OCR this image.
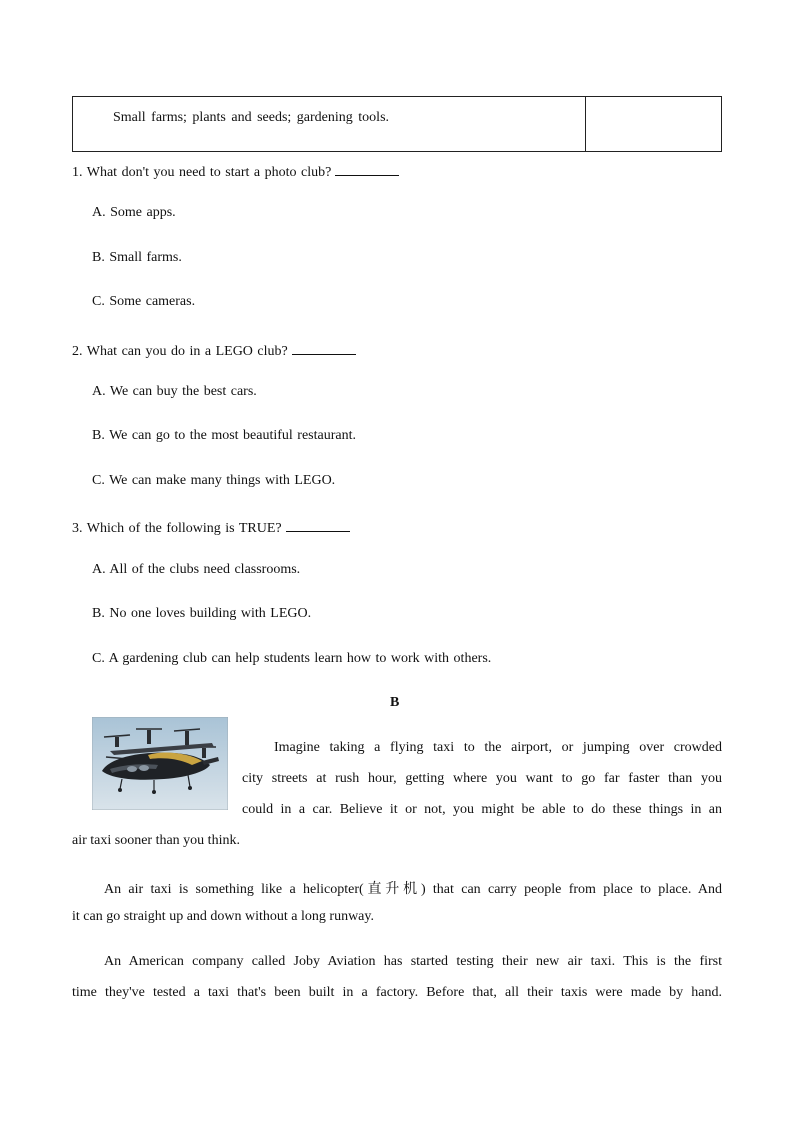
Small farms; plants and seeds; gardening tools.
1. What don't you need to start a photo club?
A. Some apps.
B. Small farms.
C. Some cameras.
2. What can you do in a LEGO club?
A. We can buy the best cars.
B. We can go to the most beautiful restaurant.
C. We can make many things with LEGO.
3. Which of the following is TRUE?
A. All of the clubs need classrooms.
B. No one loves building with LEGO.
C. A gardening club can help students learn how to work with others.
B
Imagine taking a flying taxi to the airport, or jumping over crowded
city streets at rush hour, getting where you want to go far faster than you
could in a car. Believe it or not, you might be able to do these things in an
air taxi sooner than you think.
An air taxi is something like a helicopter(直升机) that can carry people from place to place. And
it can go straight up and down without a long runway.
An American company called Joby Aviation has started testing their new air taxi. This is the first
time they've tested a taxi that's been built in a factory. Before that, all their taxis were made by hand.
